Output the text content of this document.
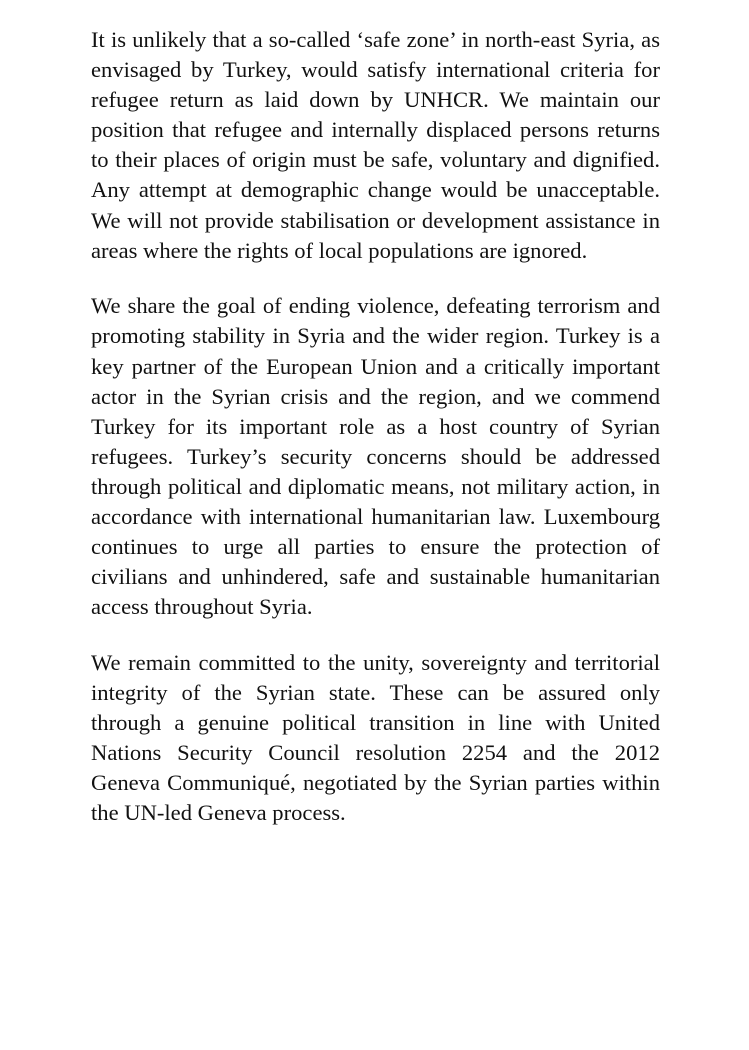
It is unlikely that a so-called ‘safe zone’ in north-east Syria, as envisaged by Turkey, would satisfy international criteria for refugee return as laid down by UNHCR. We maintain our position that refugee and internally displaced persons returns to their places of origin must be safe, voluntary and dignified. Any attempt at demographic change would be unacceptable. We will not provide stabilisation or development assistance in areas where the rights of local populations are ignored.

We share the goal of ending violence, defeating terrorism and promoting stability in Syria and the wider region. Turkey is a key partner of the European Union and a critically important actor in the Syrian crisis and the region, and we commend Turkey for its important role as a host country of Syrian refugees. Turkey’s security concerns should be addressed through political and diplomatic means, not military action, in accordance with international humanitarian law. Luxembourg continues to urge all parties to ensure the protection of civilians and unhindered, safe and sustainable humanitarian access throughout Syria.

We remain committed to the unity, sovereignty and territorial integrity of the Syrian state. These can be assured only through a genuine political transition in line with United Nations Security Council resolution 2254 and the 2012 Geneva Communiqué, negotiated by the Syrian parties within the UN-led Geneva process.
